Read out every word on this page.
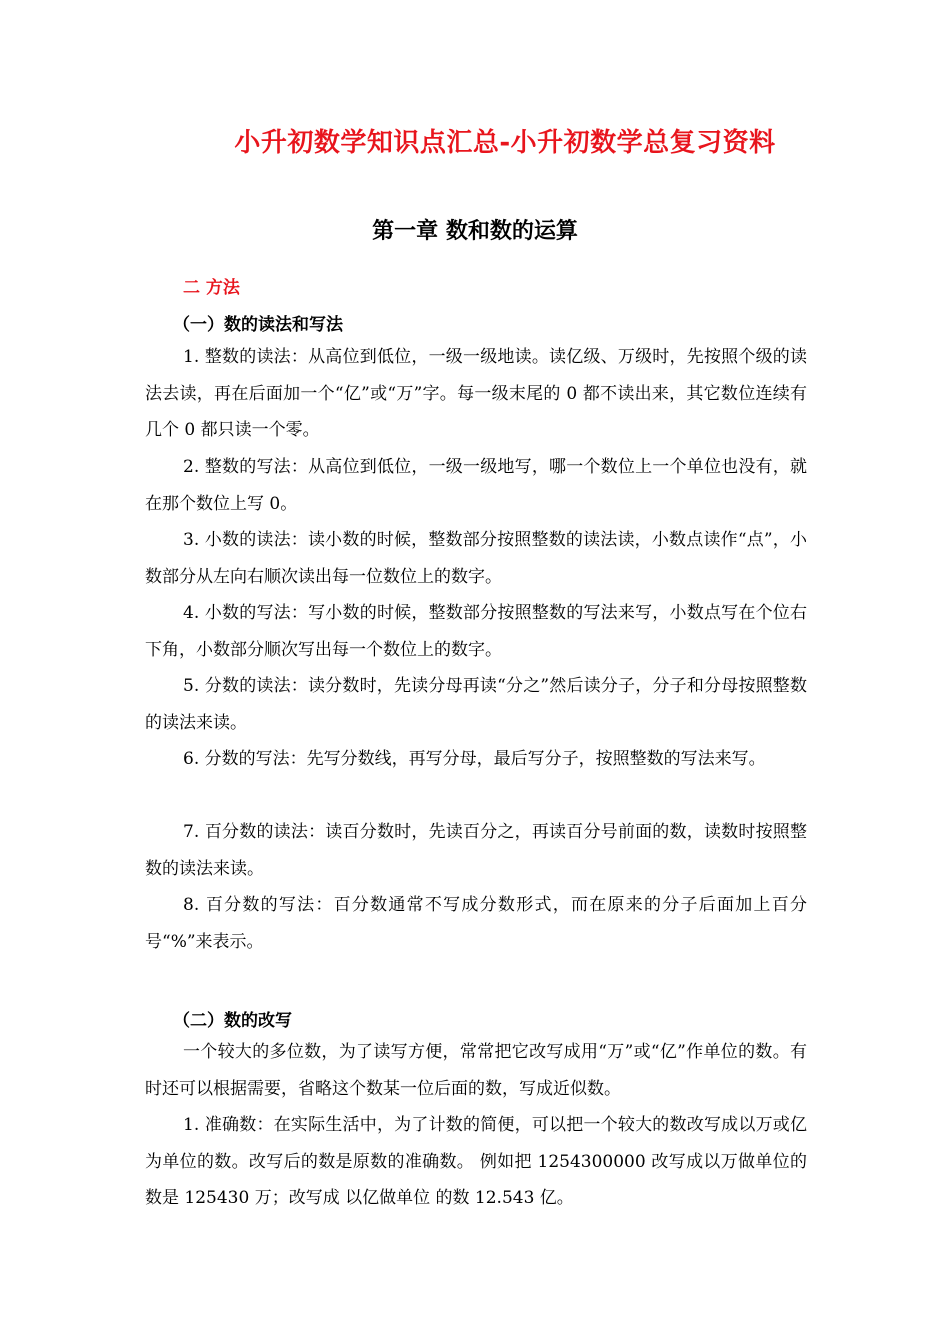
小升初数学知识点汇总-小升初数学总复习资料
第一章 数和数的运算
二 方法
（一）数的读法和写法

1. 整数的读法：从高位到低位，一级一级地读。读亿级、万级时，先按照个级的读法去读，再在后面加一个“亿”或“万”字。每一级末尾的 0 都不读出来，其它数位连续有几个 0 都只读一个零。

2. 整数的写法：从高位到低位，一级一级地写，哪一个数位上一个单位也没有，就在那个数位上写 0。

3. 小数的读法：读小数的时候，整数部分按照整数的读法读，小数点读作“点”，小数部分从左向右顺次读出每一位数位上的数字。

4. 小数的写法：写小数的时候，整数部分按照整数的写法来写，小数点写在个位右下角，小数部分顺次写出每一个数位上的数字。

5. 分数的读法：读分数时，先读分母再读“分之”然后读分子，分子和分母按照整数的读法来读。

6. 分数的写法：先写分数线，再写分母，最后写分子，按照整数的写法来写。

7. 百分数的读法：读百分数时，先读百分之，再读百分号前面的数，读数时按照整数的读法来读。

8. 百分数的写法：百分数通常不写成分数形式，而在原来的分子后面加上百分号“%”来表示。

（二）数的改写

一个较大的多位数，为了读写方便，常常把它改写成用“万”或“亿”作单位的数。有时还可以根据需要，省略这个数某一位后面的数，写成近似数。

1. 准确数：在实际生活中，为了计数的简便，可以把一个较大的数改写成以万或亿为单位的数。改写后的数是原数的准确数。 例如把 1254300000 改写成以万做单位的数是 125430 万；改写成 以亿做单位 的数 12.543 亿。
